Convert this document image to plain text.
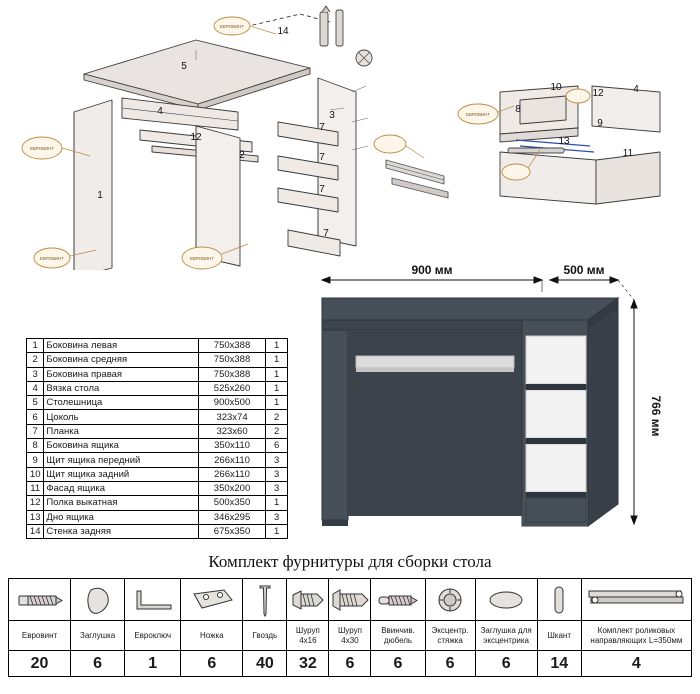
14
5
4
12
2
1
3
7
7
7
7
10
8
13
9
4
11
12
ЕВРОВИНТ
ЕВРОВИНТ	ЕВРОВИНТ
ЕВРОВИНТ
ЕВРОВИНТ
1	Боковина левая	750x388	1
2	Боковина средняя	750x388	1
3	Боковина правая	750x388	1
4	Вязка стола	525x260	1
5	Столешница	900x500	1
6	Цоколь	323x74	2
7	Планка	323x60	2
8	Боковина ящика	350x110	6
9	Щит ящика передний	266x110	3
10	Щит ящика задний	266x110	3
11	Фасад ящика	350x200	3
12	Полка выкатная	500x350	1
13	Дно ящика	346x295	3
14	Стенка задняя	675x350	1
900 мм	500 мм
766 мм
Комплект фурнитуры для сборки стола

Евровинт	Заглушка	Евроключ	Ножка	Гвоздь	Шуруп 4x16	Шуруп 4x30	Ввинчив. дюбель	Эксцентр. стяжка	Заглушка для эксцентрика	Шкант	Комплект роликовых направляющих L=350мм
20	6	1	6	40	32	6	6	6	6	14	4
